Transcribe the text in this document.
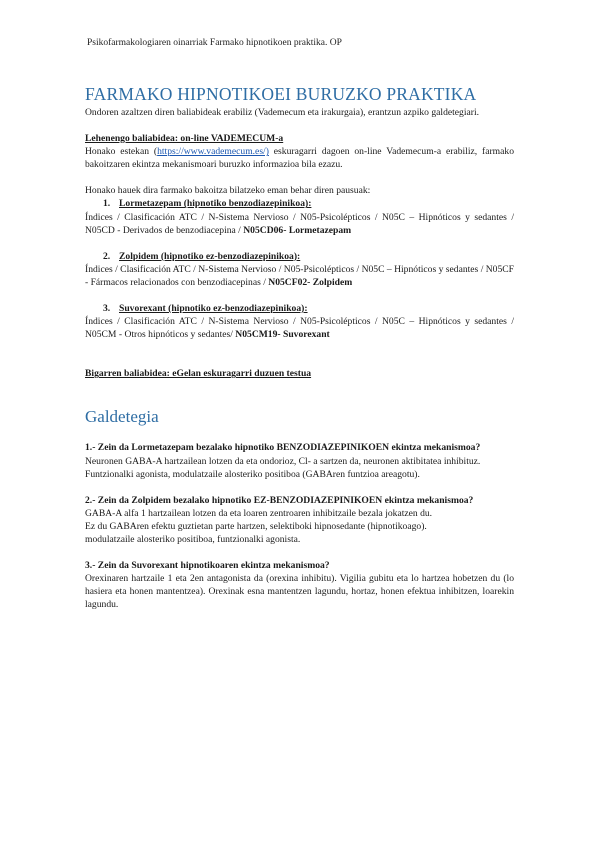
Psikofarmakologiaren oinarriak Farmako hipnotikoen praktika. OP
FARMAKO HIPNOTIKOEI BURUZKO PRAKTIKA

Ondoren azaltzen diren baliabideak erabiliz (Vademecum eta irakurgaia), erantzun azpiko galdetegiari.

Lehenengo baliabidea: on-line VADEMECUM-a

Honako estekan (https://www.vademecum.es/) eskuragarri dagoen on-line Vademecum-a erabiliz, farmako bakoitzaren ekintza mekanismoari buruzko informazioa bila ezazu.

Honako hauek dira farmako bakoitza bilatzeko eman behar diren pausuak:

1. Lormetazepam (hipnotiko benzodiazepinikoa):

Índices / Clasificación ATC / N-Sistema Nervioso / N05-Psicolépticos / N05C – Hipnóticos y sedantes / N05CD - Derivados de benzodiacepina / N05CD06- Lormetazepam

2. Zolpidem (hipnotiko ez-benzodiazepinikoa):

Índices / Clasificación ATC / N-Sistema Nervioso / N05-Psicolépticos / N05C – Hipnóticos y sedantes / N05CF - Fármacos relacionados con benzodiacepinas / N05CF02- Zolpidem

3. Suvorexant (hipnotiko ez-benzodiazepinikoa):

Índices / Clasificación ATC / N-Sistema Nervioso / N05-Psicolépticos / N05C – Hipnóticos y sedantes / N05CM - Otros hipnóticos y sedantes/ N05CM19- Suvorexant

Bigarren baliabidea: eGelan eskuragarri duzuen testua

Galdetegia

1.- Zein da Lormetazepam bezalako hipnotiko BENZODIAZEPINIKOEN ekintza mekanismoa?

Neuronen GABA-A hartzailean lotzen da eta ondorioz, Cl- a sartzen da, neuronen aktibitatea inhibituz.

Funtzionalki agonista, modulatzaile alosteriko positiboa (GABAren funtzioa areagotu).

2.- Zein da Zolpidem bezalako hipnotiko EZ-BENZODIAZEPINIKOEN ekintza mekanismoa?

GABA-A alfa 1 hartzailean lotzen da eta loaren zentroaren inhibitzaile bezala jokatzen du.

Ez du GABAren efektu guztietan parte hartzen, selektiboki hipnosedante (hipnotikoago).

modulatzaile alosteriko positiboa, funtzionalki agonista.

3.- Zein da Suvorexant hipnotikoaren ekintza mekanismoa?

Orexinaren hartzaile 1 eta 2en antagonista da (orexina inhibitu). Vigilia gubitu eta lo hartzea hobetzen du (lo hasiera eta honen mantentzea). Orexinak esna mantentzen lagundu, hortaz, honen efektua inhibitzen, loarekin lagundu.
